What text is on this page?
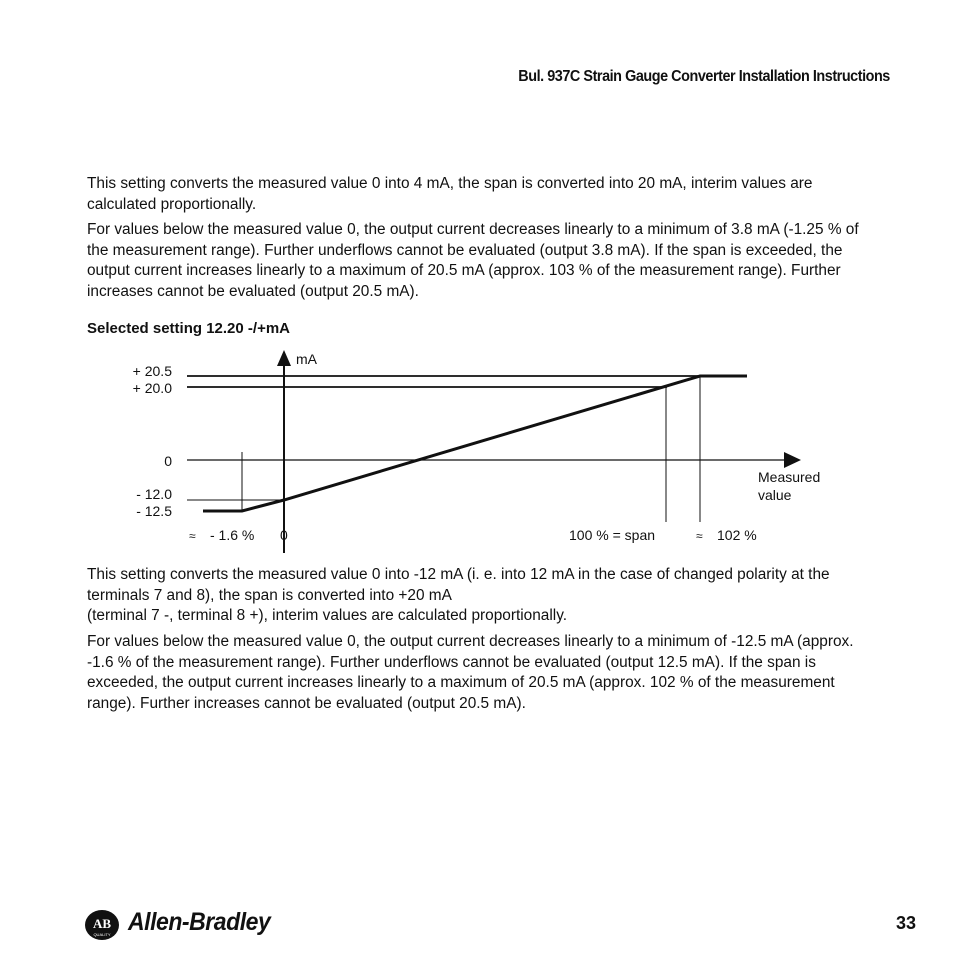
Bul. 937C Strain Gauge Converter Installation Instructions

This setting converts the measured value 0 into 4 mA, the span is converted into 20 mA, interim values are calculated proportionally.

For values below the measured value 0, the output current decreases linearly to a minimum of 3.8 mA (-1.25 % of the measurement range). Further underflows cannot be evaluated (output 3.8 mA). If the span is exceeded, the output current increases linearly to a maximum of 20.5 mA (approx. 103 % of the measurement range). Further increases cannot be evaluated (output 20.5 mA).

Selected setting 12.20 -/+mA

mA
+ 20.5
+ 20.0
0
- 12.0
- 12.5
Measured
value
≈ - 1.6 % 0	100 % = span	≈ 102 %
This setting converts the measured value 0 into -12 mA (i. e. into 12 mA in the case of changed polarity at the terminals 7 and 8), the span is converted into +20 mA
(terminal 7 -, terminal 8 +), interim values are calculated proportionally.

For values below the measured value 0, the output current decreases linearly to a minimum of -12.5 mA (approx. -1.6 % of the measurement range). Further underflows cannot be evaluated (output 12.5 mA). If the span is exceeded, the output current increases linearly to a maximum of 20.5 mA (approx. 102 % of the measurement range). Further increases cannot be evaluated (output 20.5 mA).

AB
QUALITY Allen-Bradley	33
